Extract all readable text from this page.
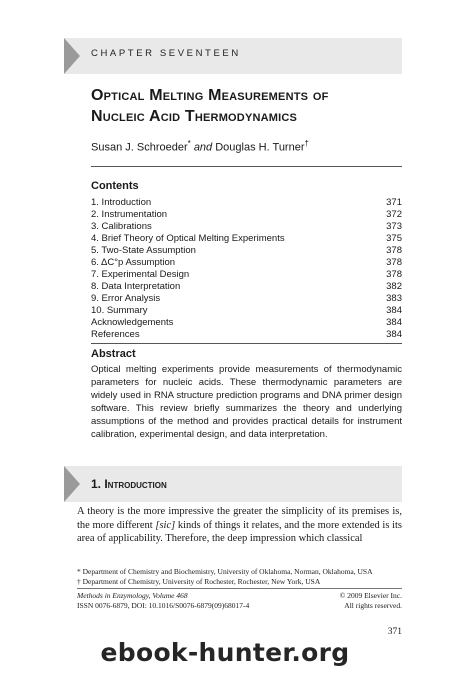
CHAPTER SEVENTEEN
Optical Melting Measurements of
Nucleic Acid Thermodynamics
Susan J. Schroeder* and Douglas H. Turner†
Contents
1. Introduction	371
2. Instrumentation	372
3. Calibrations	373
4. Brief Theory of Optical Melting Experiments	375
5. Two-State Assumption	378
6. ΔC°p Assumption	378
7. Experimental Design	378
8. Data Interpretation	382
9. Error Analysis	383
10. Summary	384
Acknowledgements	384
References	384
Abstract
Optical melting experiments provide measurements of thermodynamic parameters for nucleic acids. These thermodynamic parameters are widely used in RNA structure prediction programs and DNA primer design software. This review briefly summarizes the theory and underlying assumptions of the method and provides practical details for instrument calibration, experimental design, and data interpretation.
1. Introduction
A theory is the more impressive the greater the simplicity of its premises is, the more different [sic] kinds of things it relates, and the more extended is its area of applicability. Therefore, the deep impression which classical
* Department of Chemistry and Biochemistry, University of Oklahoma, Norman, Oklahoma, USA
† Department of Chemistry, University of Rochester, Rochester, New York, USA
Methods in Enzymology, Volume 468
ISSN 0076-6879, DOI: 10.1016/S0076-6879(09)68017-4
© 2009 Elsevier Inc.
All rights reserved.
371
ebook-hunter.org
